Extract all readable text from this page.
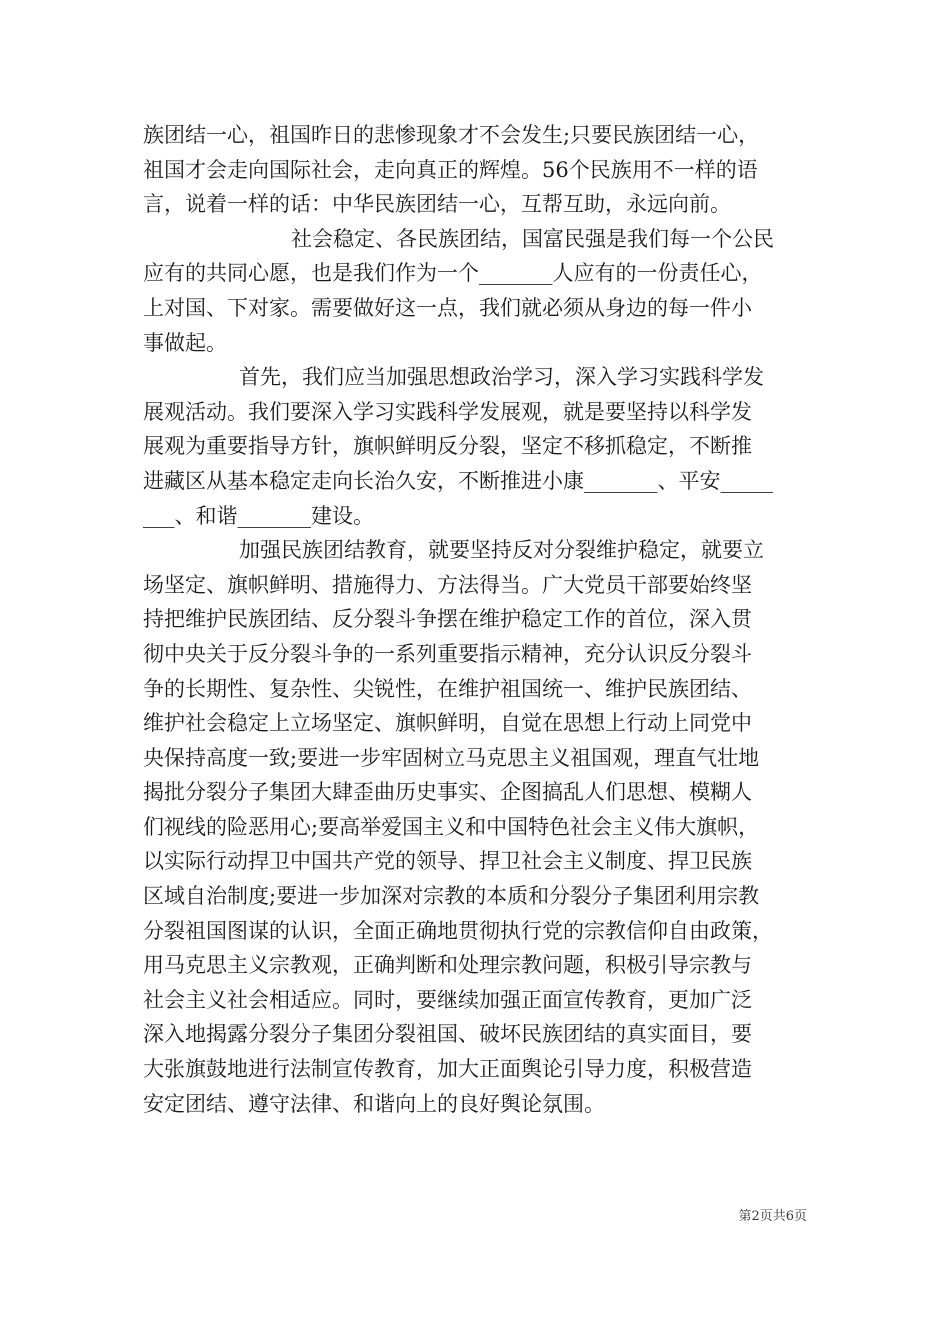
族团结一心，祖国昨日的悲惨现象才不会发生;只要民族团结一心，
祖国才会走向国际社会，走向真正的辉煌。56个民族用不一样的语
言，说着一样的话：中华民族团结一心，互帮互助，永远向前。
社会稳定、各民族团结，国富民强是我们每一个公民
应有的共同心愿，也是我们作为一个_______人应有的一份责任心，
上对国、下对家。需要做好这一点，我们就必须从身边的每一件小
事做起。
首先，我们应当加强思想政治学习，深入学习实践科学发
展观活动。我们要深入学习实践科学发展观，就是要坚持以科学发
展观为重要指导方针，旗帜鲜明反分裂，坚定不移抓稳定，不断推
进藏区从基本稳定走向长治久安，不断推进小康_______、平安_____
___、和谐_______建设。
加强民族团结教育，就要坚持反对分裂维护稳定，就要立
场坚定、旗帜鲜明、措施得力、方法得当。广大党员干部要始终坚
持把维护民族团结、反分裂斗争摆在维护稳定工作的首位，深入贯
彻中央关于反分裂斗争的一系列重要指示精神，充分认识反分裂斗
争的长期性、复杂性、尖锐性，在维护祖国统一、维护民族团结、
维护社会稳定上立场坚定、旗帜鲜明，自觉在思想上行动上同党中
央保持高度一致;要进一步牢固树立马克思主义祖国观，理直气壮地
揭批分裂分子集团大肆歪曲历史事实、企图搞乱人们思想、模糊人
们视线的险恶用心;要高举爱国主义和中国特色社会主义伟大旗帜，
以实际行动捍卫中国共产党的领导、捍卫社会主义制度、捍卫民族
区域自治制度;要进一步加深对宗教的本质和分裂分子集团利用宗教
分裂祖国图谋的认识，全面正确地贯彻执行党的宗教信仰自由政策，
用马克思主义宗教观，正确判断和处理宗教问题，积极引导宗教与
社会主义社会相适应。同时，要继续加强正面宣传教育，更加广泛
深入地揭露分裂分子集团分裂祖国、破坏民族团结的真实面目，要
大张旗鼓地进行法制宣传教育，加大正面舆论引导力度，积极营造
安定团结、遵守法律、和谐向上的良好舆论氛围。
第2页共6页
